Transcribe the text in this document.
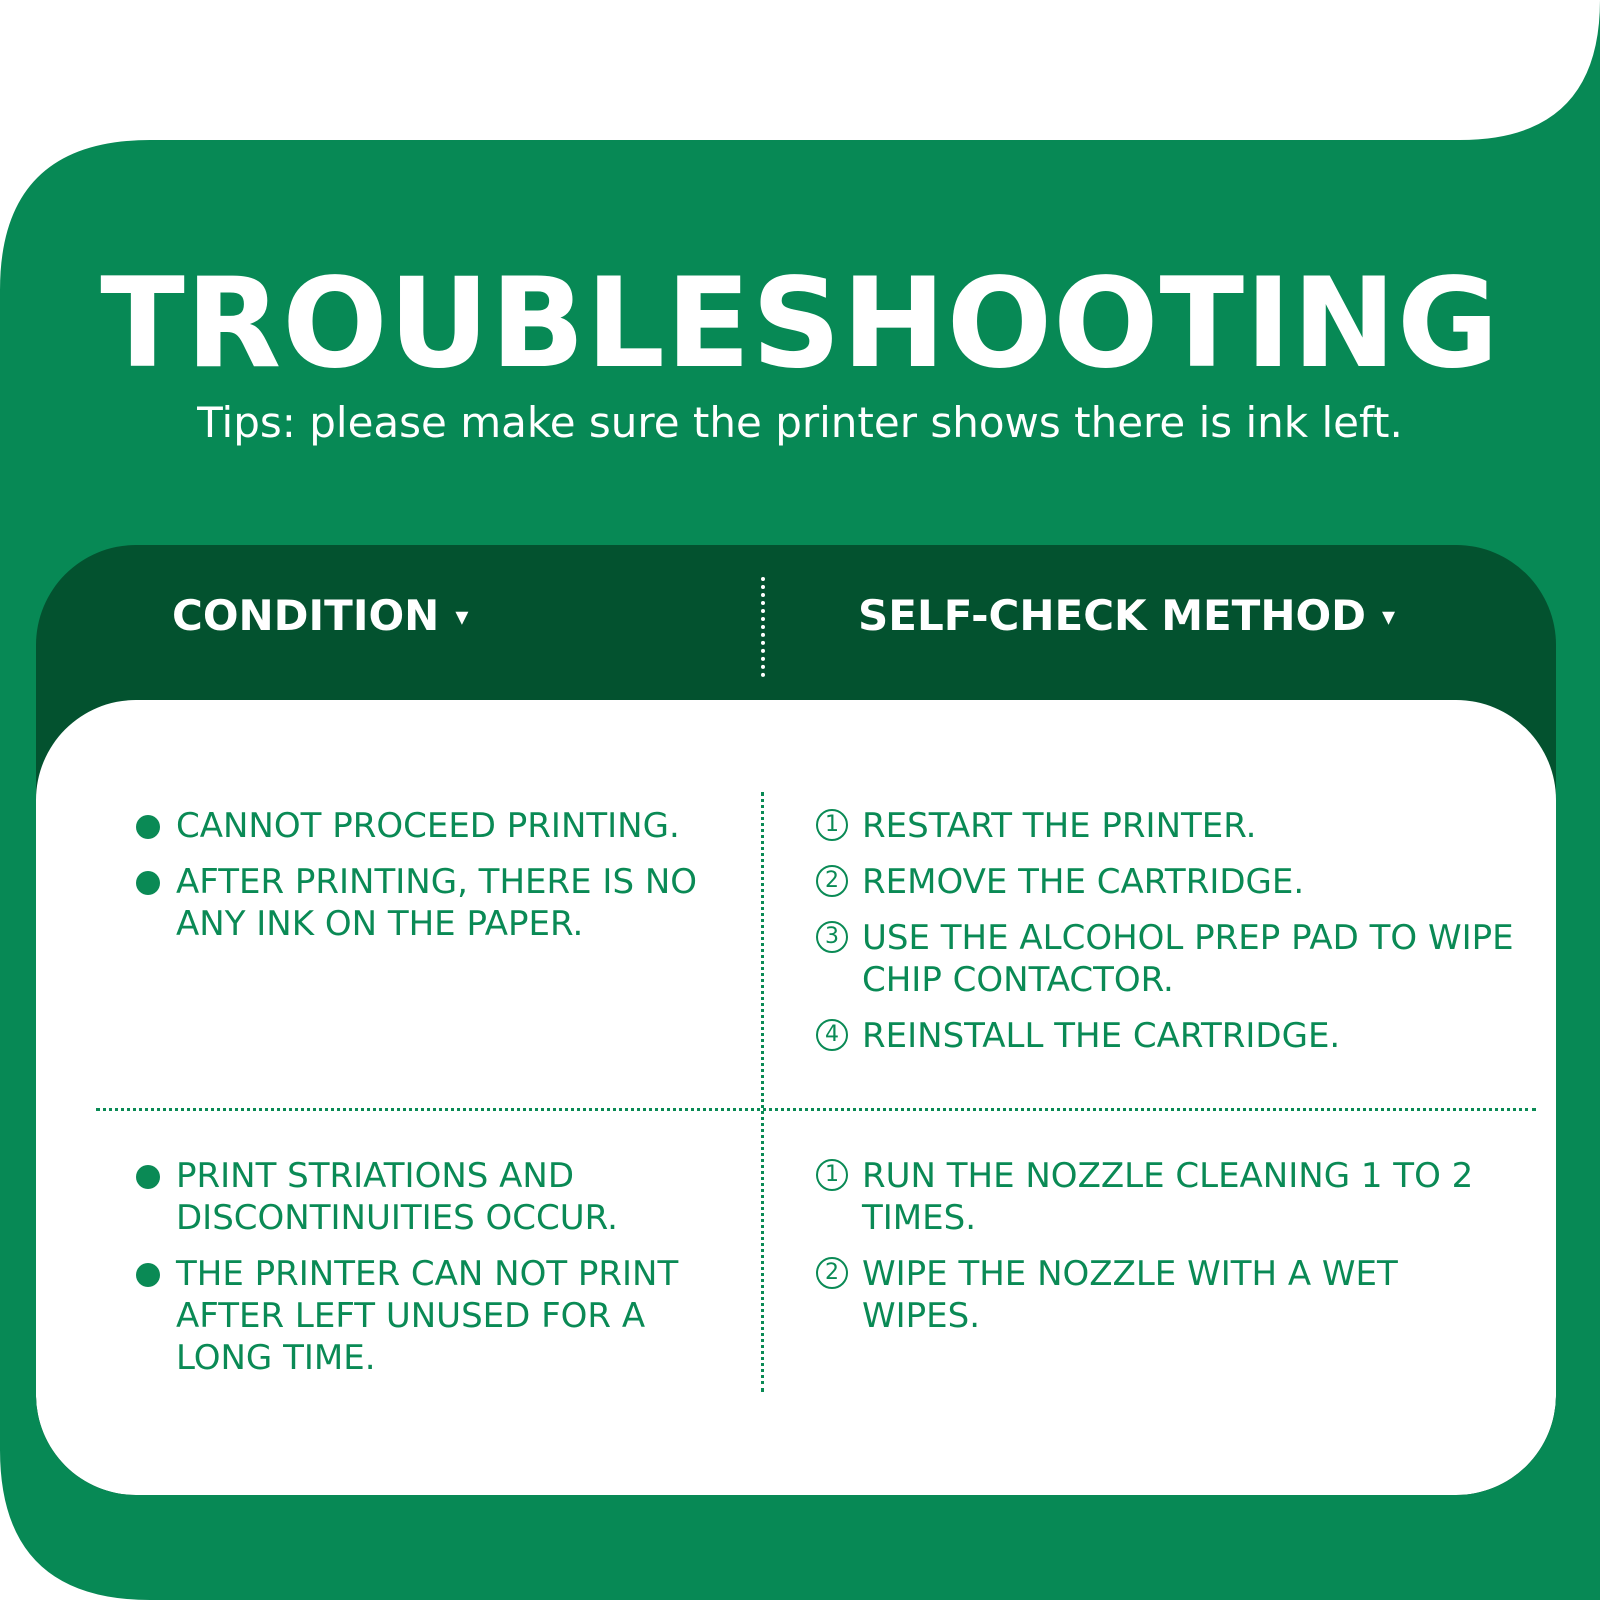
TROUBLESHOOTING
Tips: please make sure the printer shows there is ink left.
CONDITION ▾	SELF-CHECK METHOD ▾
CANNOT PROCEED PRINTING.
AFTER PRINTING, THERE IS NO ANY INK ON THE PAPER.
1 RESTART THE PRINTER.
2 REMOVE THE CARTRIDGE.
3 USE THE ALCOHOL PREP PAD TO WIPE CHIP CONTACTOR.
4 REINSTALL THE CARTRIDGE.
PRINT STRIATIONS AND DISCONTINUITIES OCCUR.
THE PRINTER CAN NOT PRINT AFTER LEFT UNUSED FOR A LONG TIME.
1 RUN THE NOZZLE CLEANING 1 TO 2 TIMES.
2 WIPE THE NOZZLE WITH A WET WIPES.
